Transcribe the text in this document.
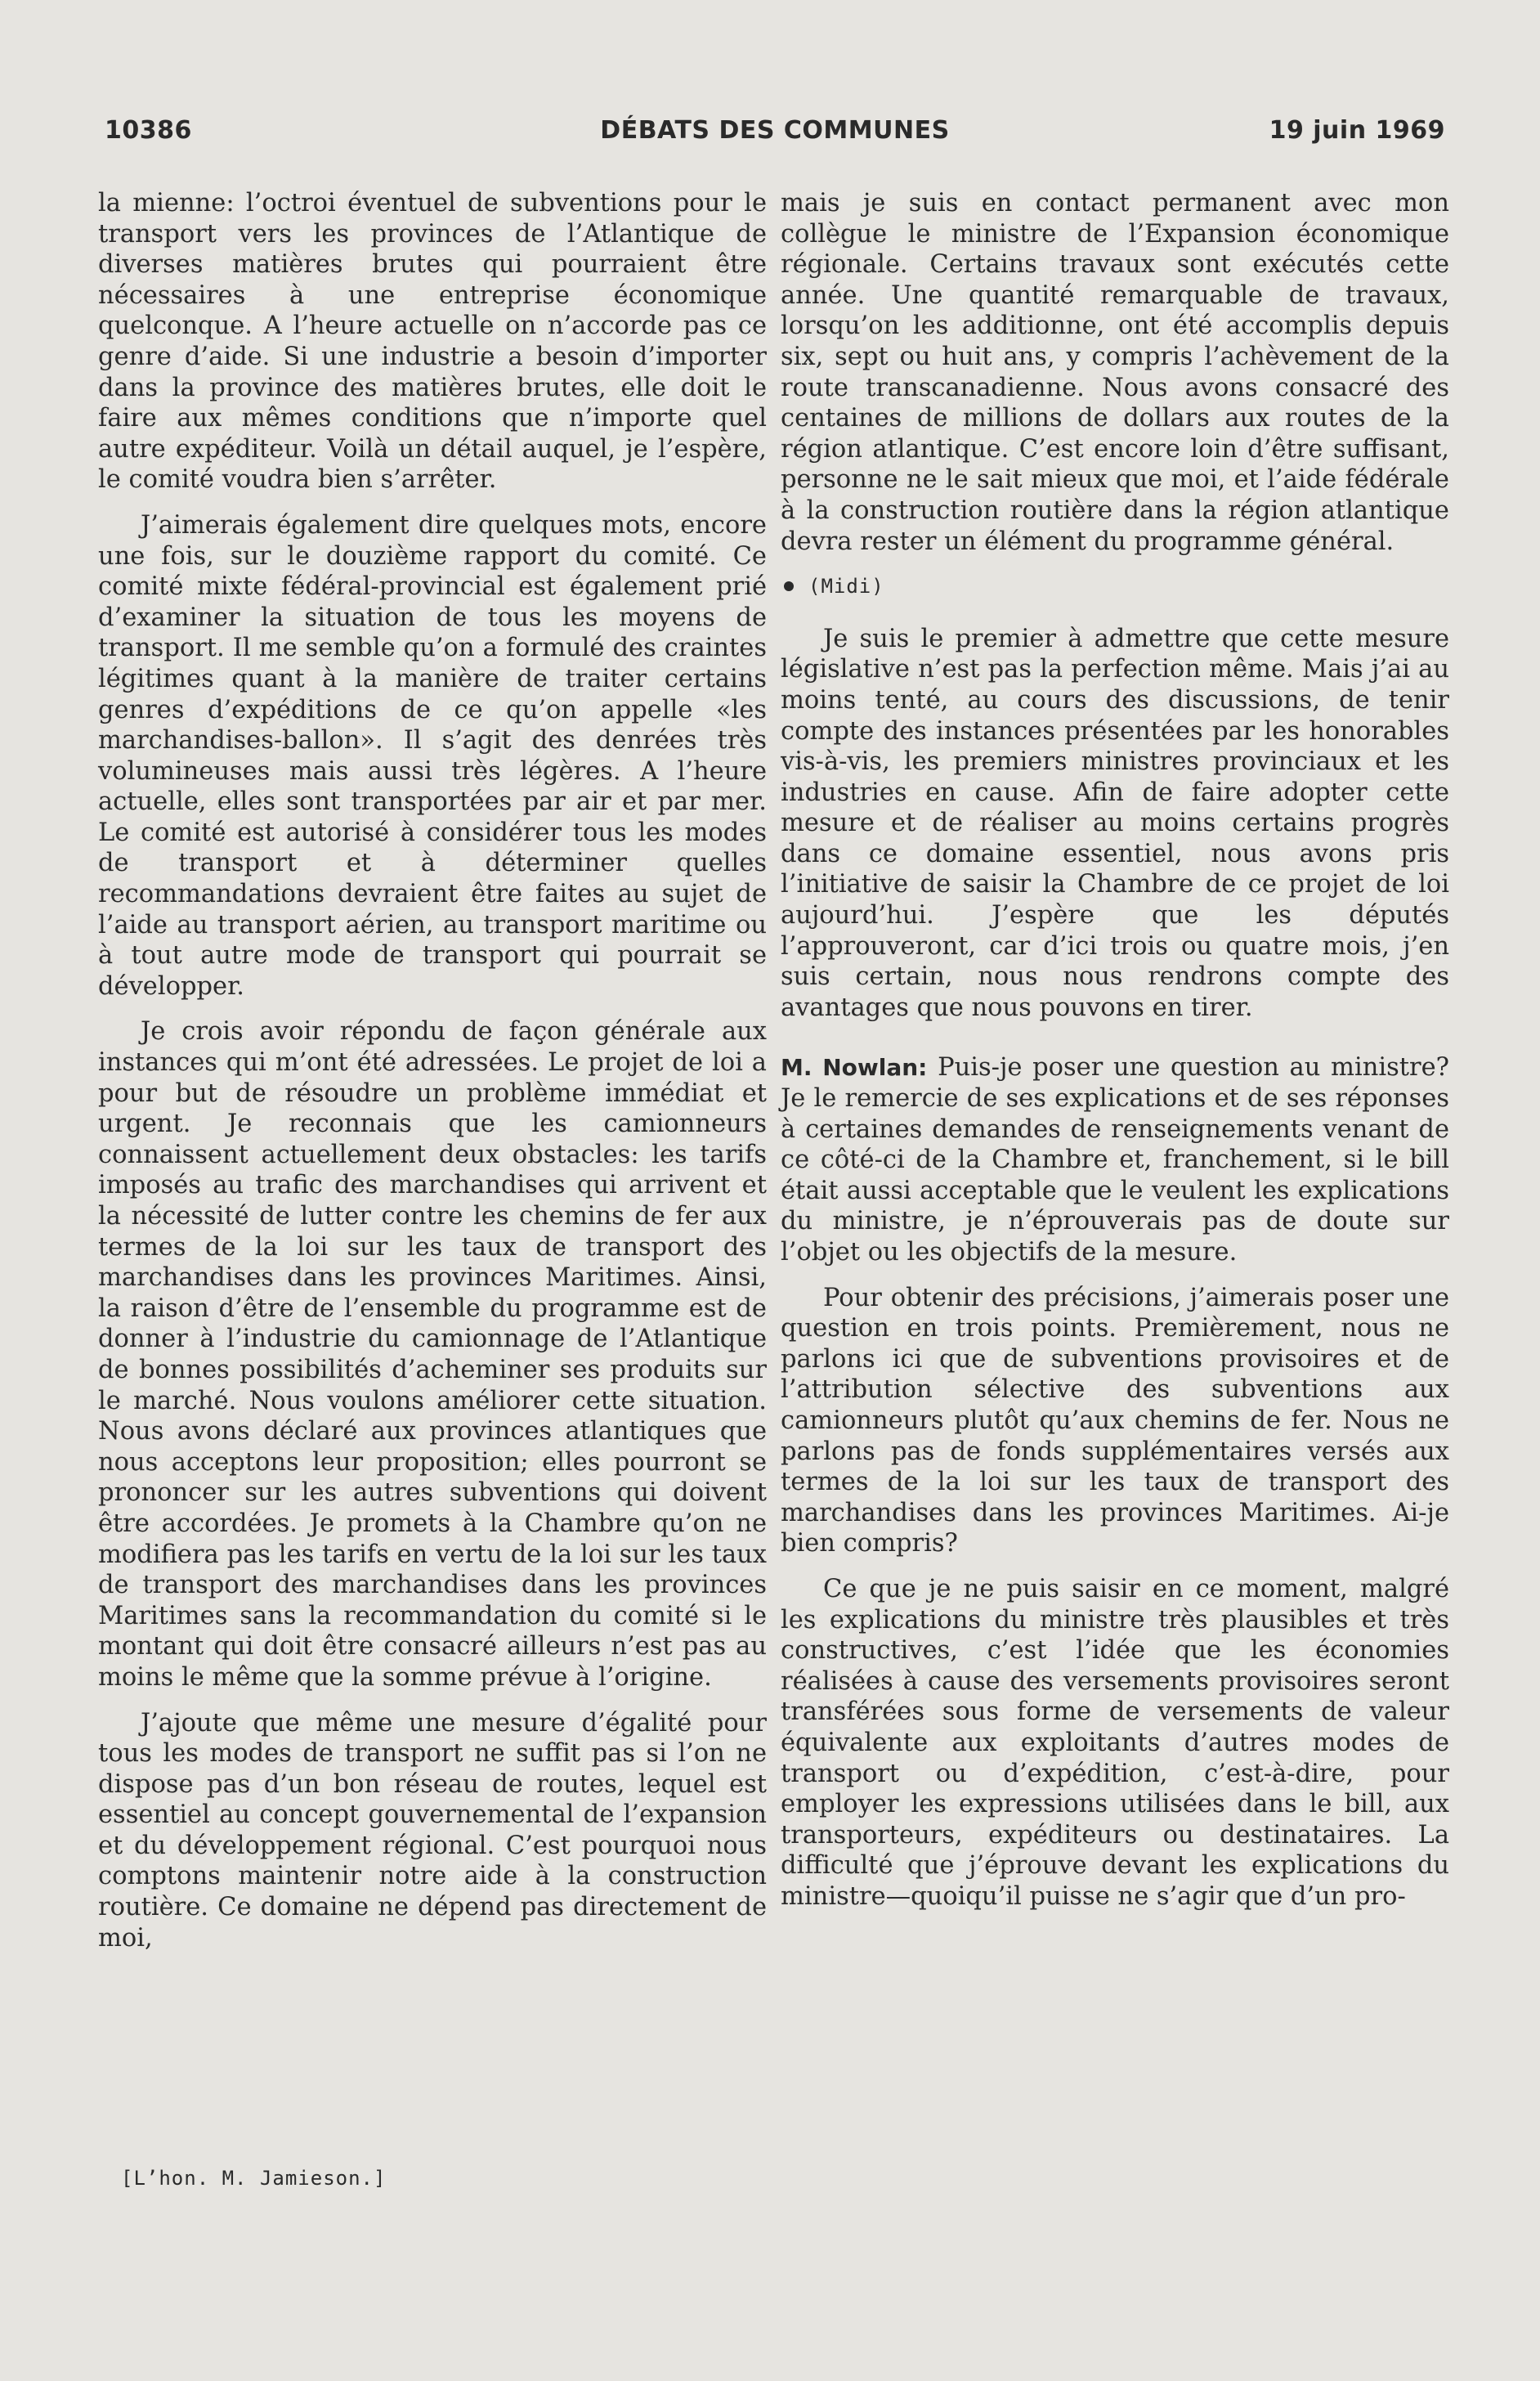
10386	DÉBATS DES COMMUNES	19 juin 1969

la mienne: l’octroi éventuel de subventions pour le transport vers les provinces de l’Atlantique de diverses matières brutes qui pourraient être nécessaires à une entreprise économique quelconque. A l’heure actuelle on n’accorde pas ce genre d’aide. Si une industrie a besoin d’importer dans la province des matières brutes, elle doit le faire aux mêmes conditions que n’importe quel autre expéditeur. Voilà un détail auquel, je l’espère, le comité voudra bien s’arrêter.

J’aimerais également dire quelques mots, encore une fois, sur le douzième rapport du comité. Ce comité mixte fédéral-provincial est également prié d’examiner la situation de tous les moyens de transport. Il me semble qu’on a formulé des craintes légitimes quant à la manière de traiter certains genres d’expéditions de ce qu’on appelle «les marchandises-ballon». Il s’agit des denrées très volumineuses mais aussi très légères. A l’heure actuelle, elles sont transportées par air et par mer. Le comité est autorisé à considérer tous les modes de transport et à déterminer quelles recommandations devraient être faites au sujet de l’aide au transport aérien, au transport maritime ou à tout autre mode de transport qui pourrait se développer.

Je crois avoir répondu de façon générale aux instances qui m’ont été adressées. Le projet de loi a pour but de résoudre un problème immédiat et urgent. Je reconnais que les camionneurs connaissent actuellement deux obstacles: les tarifs imposés au trafic des marchandises qui arrivent et la nécessité de lutter contre les chemins de fer aux termes de la loi sur les taux de transport des marchandises dans les provinces Maritimes. Ainsi, la raison d’être de l’ensemble du programme est de donner à l’industrie du camionnage de l’Atlantique de bonnes possibilités d’acheminer ses produits sur le marché. Nous voulons améliorer cette situation. Nous avons déclaré aux provinces atlantiques que nous acceptons leur proposition; elles pourront se prononcer sur les autres subventions qui doivent être accordées. Je promets à la Chambre qu’on ne modifiera pas les tarifs en vertu de la loi sur les taux de transport des marchandises dans les provinces Maritimes sans la recommandation du comité si le montant qui doit être consacré ailleurs n’est pas au moins le même que la somme prévue à l’origine.

J’ajoute que même une mesure d’égalité pour tous les modes de transport ne suffit pas si l’on ne dispose pas d’un bon réseau de routes, lequel est essentiel au concept gouvernemental de l’expansion et du développement régional. C’est pourquoi nous comptons maintenir notre aide à la construction routière. Ce domaine ne dépend pas directement de moi,

[L’hon. M. Jamieson.]

mais je suis en contact permanent avec mon collègue le ministre de l’Expansion économique régionale. Certains travaux sont exécutés cette année. Une quantité remarquable de travaux, lorsqu’on les additionne, ont été accomplis depuis six, sept ou huit ans, y compris l’achèvement de la route transcanadienne. Nous avons consacré des centaines de millions de dollars aux routes de la région atlantique. C’est encore loin d’être suffisant, personne ne le sait mieux que moi, et l’aide fédérale à la construction routière dans la région atlantique devra rester un élément du programme général.

(Midi)

Je suis le premier à admettre que cette mesure législative n’est pas la perfection même. Mais j’ai au moins tenté, au cours des discussions, de tenir compte des instances présentées par les honorables vis-à-vis, les premiers ministres provinciaux et les industries en cause. Afin de faire adopter cette mesure et de réaliser au moins certains progrès dans ce domaine essentiel, nous avons pris l’initiative de saisir la Chambre de ce projet de loi aujourd’hui. J’espère que les députés l’approuveront, car d’ici trois ou quatre mois, j’en suis certain, nous nous rendrons compte des avantages que nous pouvons en tirer.

M. Nowlan: Puis-je poser une question au ministre? Je le remercie de ses explications et de ses réponses à certaines demandes de renseignements venant de ce côté-ci de la Chambre et, franchement, si le bill était aussi acceptable que le veulent les explications du ministre, je n’éprouverais pas de doute sur l’objet ou les objectifs de la mesure.

Pour obtenir des précisions, j’aimerais poser une question en trois points. Premièrement, nous ne parlons ici que de subventions provisoires et de l’attribution sélective des subventions aux camionneurs plutôt qu’aux chemins de fer. Nous ne parlons pas de fonds supplémentaires versés aux termes de la loi sur les taux de transport des marchandises dans les provinces Maritimes. Ai-je bien compris?

Ce que je ne puis saisir en ce moment, malgré les explications du ministre très plausibles et très constructives, c’est l’idée que les économies réalisées à cause des versements provisoires seront transférées sous forme de versements de valeur équivalente aux exploitants d’autres modes de transport ou d’expédition, c’est-à-dire, pour employer les expressions utilisées dans le bill, aux transporteurs, expéditeurs ou destinataires. La difficulté que j’éprouve devant les explications du ministre—quoiqu’il puisse ne s’agir que d’un pro-
